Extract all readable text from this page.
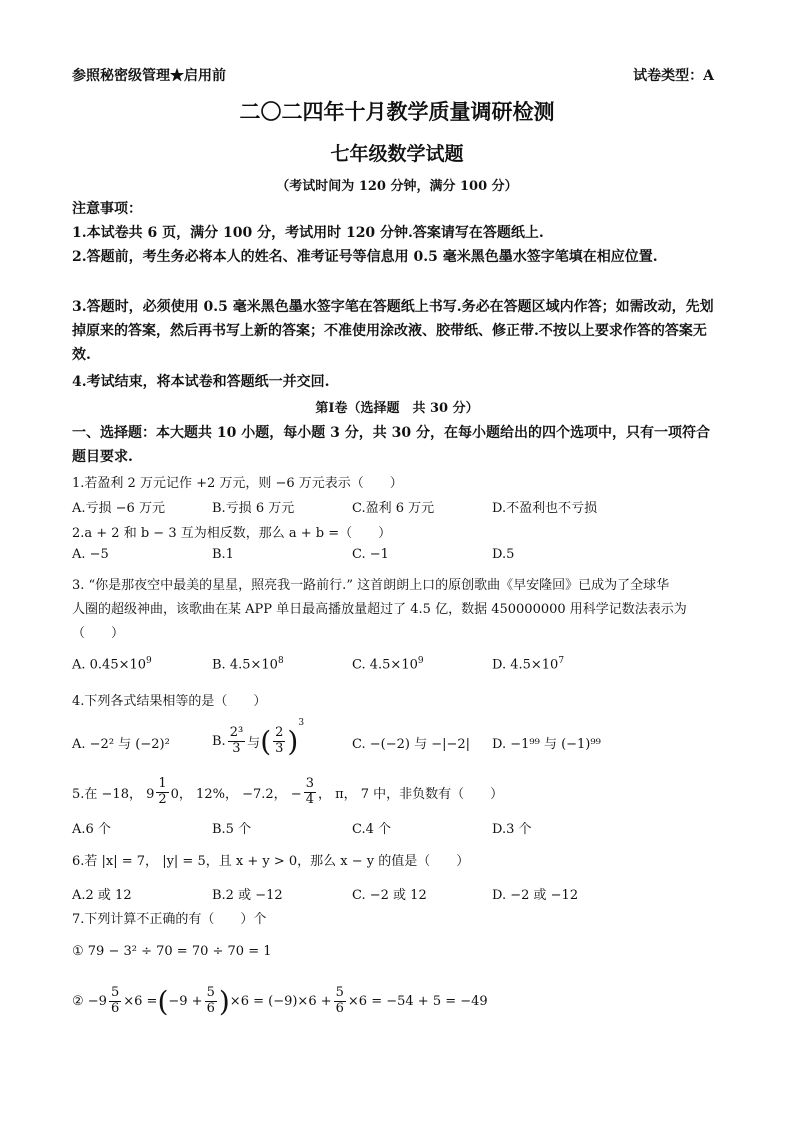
参照秘密级管理★启用前	试卷类型：A
二〇二四年十月教学质量调研检测
七年级数学试题
（考试时间为 120 分钟，满分 100 分）
注意事项：
1.本试卷共 6 页，满分 100 分，考试用时 120 分钟.答案请写在答题纸上.
2.答题前，考生务必将本人的姓名、准考证号等信息用 0.5 毫米黑色墨水签字笔填在相应位置.
3.答题时，必须使用 0.5 毫米黑色墨水签字笔在答题纸上书写.务必在答题区域内作答；如需改动，先划掉原来的答案，然后再书写上新的答案；不准使用涂改液、胶带纸、修正带.不按以上要求作答的答案无效.
4.考试结束，将本试卷和答题纸一并交回.
第Ⅰ卷（选择题　共 30 分）
一、选择题：本大题共 10 小题，每小题 3 分，共 30 分，在每小题给出的四个选项中，只有一项符合题目要求.
1.若盈利 2 万元记作 +2 万元，则 −6 万元表示（　　）
A.亏损 −6 万元	B.亏损 6 万元	C.盈利 6 万元	D.不盈利也不亏损
2.a + 2 和 b − 3 互为相反数，那么 a + b =（　　）
A. −5	B.1	C. −1	D.5
3. “你是那夜空中最美的星星，照亮我一路前行.” 这首朗朗上口的原创歌曲《早安隆回》已成为了全球华
人圈的超级神曲，该歌曲在某 APP 单日最高播放量超过了 4.5 亿，数据 450000000 用科学记数法表示为
（　　）
A. $0.45\times 10^9$	B. $4.5\times 10^8$	C. $4.5\times 10^9$	D. $4.5\times 10^7$
4.下列各式结果相等的是（　　）
A. −2² 与 (−2)²	B. $\frac{\text{2³}}{3}$ 与 ( $\frac{2}{3}$ )
$^3$
C. −(−2) 与 −|−2| D. −1⁹⁹ 与 (−1)⁹⁹
5.在 −18， $9 \frac{1}{2} 0$， 12%， −7.2， − $\frac{3}{4}$ ， π， 7 中，非负数有（　　）
A.6 个	B.5 个	C.4 个	D.3 个
6.若 |x| = 7， |y| = 5，且 x + y > 0，那么 x − y 的值是（　　）
A.2 或 12	B.2 或 −12	C. −2 或 12	D. −2 或 −12
7.下列计算不正确的有（　　）个
① 79 − 3² ÷ 70 = 70 ÷ 70 = 1
② $-9 \frac{5}{6} \times 6$ = ( $-9 + \frac{5}{6}$ ) $\times 6 = (-9)\times 6 + \frac{5}{6} \times 6 = -54 + 5 = -49$
